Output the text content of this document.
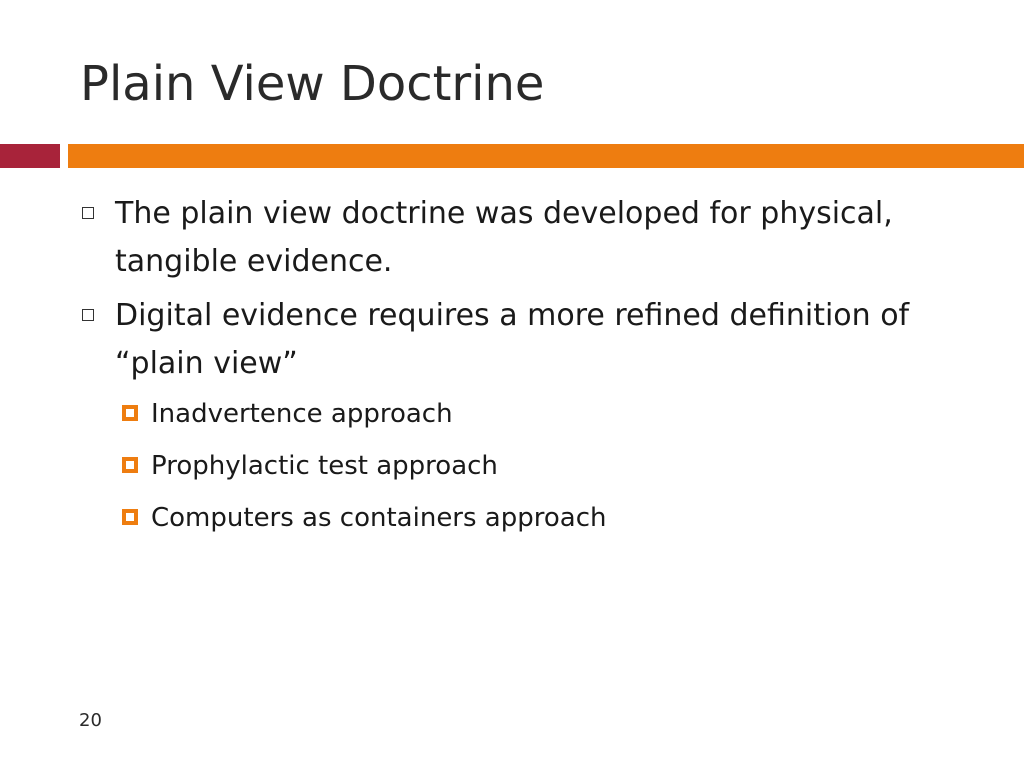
Plain View Doctrine
The plain view doctrine was developed for physical, tangible evidence.
Digital evidence requires a more refined definition of “plain view”
Inadvertence approach
Prophylactic test approach
Computers as containers approach
20
